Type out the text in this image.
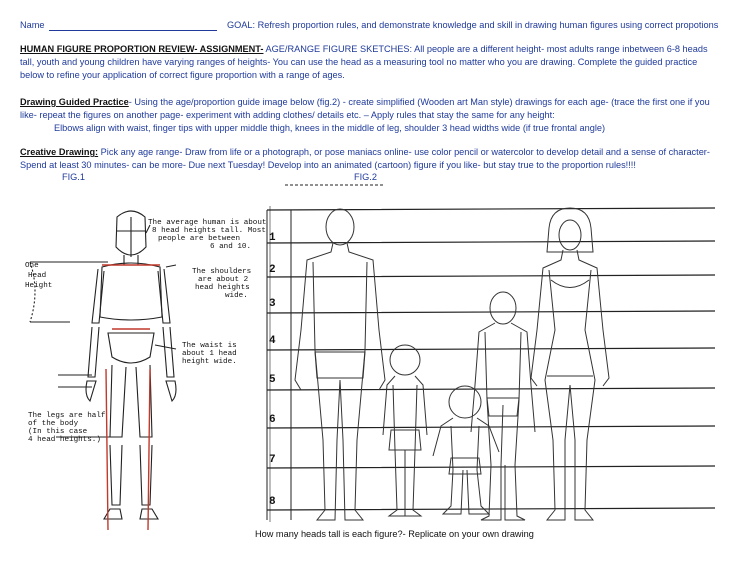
Name	GOAL: Refresh proportion rules, and demonstrate knowledge and skill in drawing human figures using correct propotions
HUMAN FIGURE PROPORTION REVIEW- ASSIGNMENT- AGE/RANGE FIGURE SKETCHES: All people are a different height- most adults range inbetween 6-8 heads tall, youth and young children have varying ranges of heights- You can use the head as a measuring tool no matter who you are drawing. Complete the guided practice below to refine your application of correct figure proportion with a range of ages.
Drawing Guided Practice- Using the age/proportion guide image below (fig.2) - create simplified (Wooden art Man style) drawings for each age- (trace the first one if you like- repeat the figures on another page- experiment with adding clothes/ details etc. – Apply rules that stay the same for any height:
Elbows align with waist, finger tips with upper middle thigh, knees in the middle of leg, shoulder 3 head widths wide (if true frontal angle)
Creative Drawing: Pick any age range- Draw from life or a photograph, or pose maniacs online- use color pencil or watercolor to develop detail and a sense of character- Spend at least 30 minutes- can be more- Due next Tuesday! Develop into an animated (cartoon) figure if you like- but stay true to the proportion rules!!!!
FIG.1	FIG.2
One
Head
Height
The average human is about
8 head heights tall. Most
people are between
6 and 10.
The shoulders
are about 2
head heights
wide.
The waist is
about 1 head
height wide.
The legs are half
of the body
(In this case
4 head heights.)
1
2
3
4
5
6
7
8
How many heads tall is each figure?- Replicate on your own drawing
